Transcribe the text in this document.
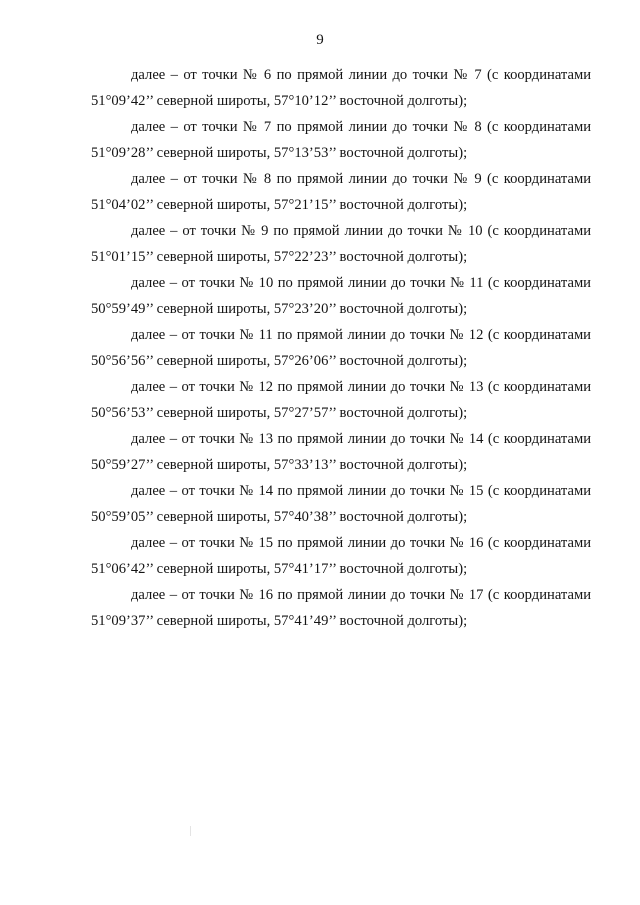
9

далее – от точки № 6 по прямой линии до точки № 7 (с координатами 51°09’42’’ северной широты, 57°10’12’’ восточной долготы);

далее – от точки № 7 по прямой линии до точки № 8 (с координатами 51°09’28’’ северной широты, 57°13’53’’ восточной долготы);

далее – от точки № 8 по прямой линии до точки № 9 (с координатами 51°04’02’’ северной широты, 57°21’15’’ восточной долготы);

далее – от точки № 9 по прямой линии до точки № 10 (с координатами 51°01’15’’ северной широты, 57°22’23’’ восточной долготы);

далее – от точки № 10 по прямой линии до точки № 11 (с координатами 50°59’49’’ северной широты, 57°23’20’’ восточной долготы);

далее – от точки № 11 по прямой линии до точки № 12 (с координатами 50°56’56’’ северной широты, 57°26’06’’ восточной долготы);

далее – от точки № 12 по прямой линии до точки № 13 (с координатами 50°56’53’’ северной широты, 57°27’57’’ восточной долготы);

далее – от точки № 13 по прямой линии до точки № 14 (с координатами 50°59’27’’ северной широты, 57°33’13’’ восточной долготы);

далее – от точки № 14 по прямой линии до точки № 15 (с координатами 50°59’05’’ северной широты, 57°40’38’’ восточной долготы);

далее – от точки № 15 по прямой линии до точки № 16 (с координатами 51°06’42’’ северной широты, 57°41’17’’ восточной долготы);

далее – от точки № 16 по прямой линии до точки № 17 (с координатами 51°09’37’’ северной широты, 57°41’49’’ восточной долготы);
